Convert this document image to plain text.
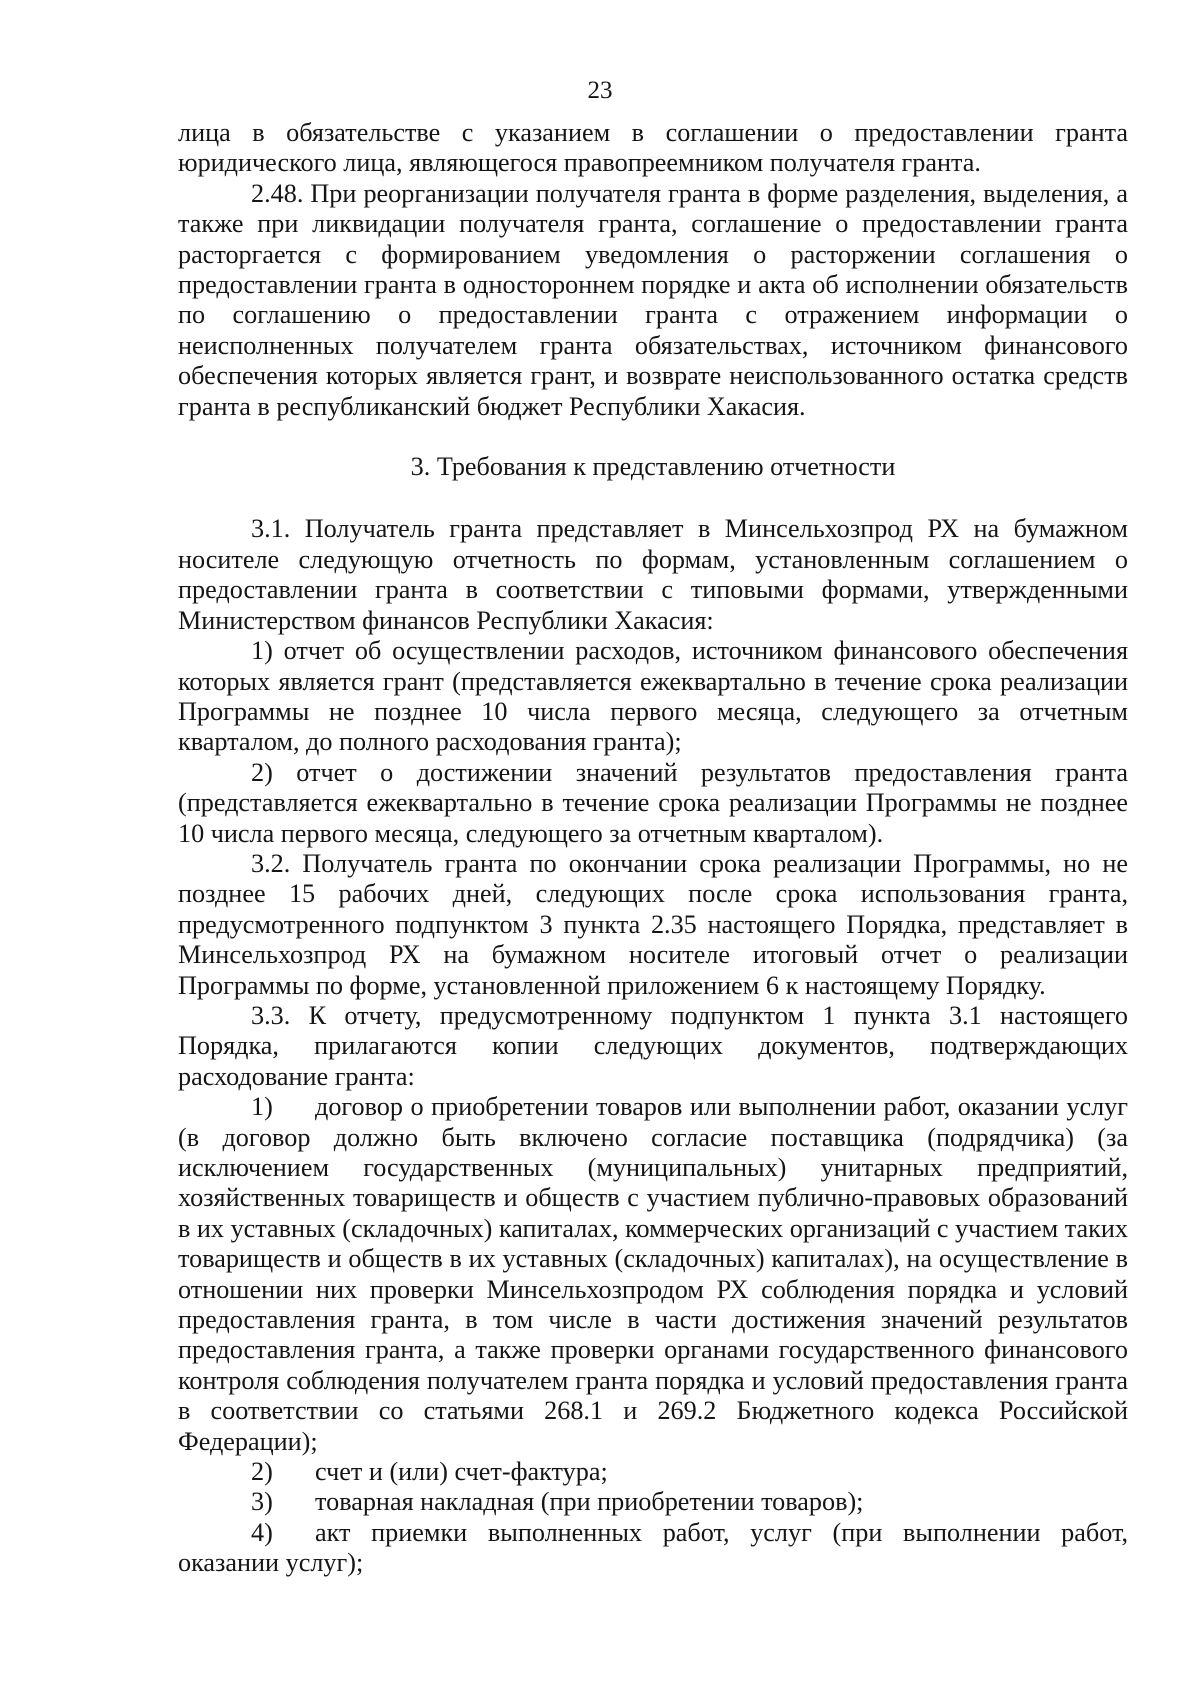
23

лица в обязательстве с указанием в соглашении о предоставлении гранта юридического лица, являющегося правопреемником получателя гранта.

2.48. При реорганизации получателя гранта в форме разделения, выделения, а также при ликвидации получателя гранта, соглашение о предоставлении гранта расторгается с формированием уведомления о расторжении соглашения о предоставлении гранта в одностороннем порядке и акта об исполнении обязательств по соглашению о предоставлении гранта с отражением информации о неисполненных получателем гранта обязательствах, источником финансового обеспечения которых является грант, и возврате неиспользованного остатка средств гранта в республиканский бюджет Республики Хакасия.

3. Требования к представлению отчетности

3.1. Получатель гранта представляет в Минсельхозпрод РХ на бумажном носителе следующую отчетность по формам, установленным соглашением о предоставлении гранта в соответствии с типовыми формами, утвержденными Министерством финансов Республики Хакасия:

1) отчет об осуществлении расходов, источником финансового обеспечения которых является грант (представляется ежеквартально в течение срока реализации Программы не позднее 10 числа первого месяца, следующего за отчетным кварталом, до полного расходования гранта);

2) отчет о достижении значений результатов предоставления гранта (представляется ежеквартально в течение срока реализации Программы не позднее 10 числа первого месяца, следующего за отчетным кварталом).

3.2. Получатель гранта по окончании срока реализации Программы, но не позднее 15 рабочих дней, следующих после срока использования гранта, предусмотренного подпунктом 3 пункта 2.35 настоящего Порядка, представляет в Минсельхозпрод РХ на бумажном носителе итоговый отчет о реализации Программы по форме, установленной приложением 6 к настоящему Порядку.

3.3. К отчету, предусмотренному подпунктом 1 пункта 3.1 настоящего Порядка, прилагаются копии следующих документов, подтверждающих расходование гранта:

1) договор о приобретении товаров или выполнении работ, оказании услуг (в договор должно быть включено согласие поставщика (подрядчика) (за исключением государственных (муниципальных) унитарных предприятий, хозяйственных товариществ и обществ с участием публично-правовых образований в их уставных (складочных) капиталах, коммерческих организаций с участием таких товариществ и обществ в их уставных (складочных) капиталах), на осуществление в отношении них проверки Минсельхозпродом РХ соблюдения порядка и условий предоставления гранта, в том числе в части достижения значений результатов предоставления гранта, а также проверки органами государственного финансового контроля соблюдения получателем гранта порядка и условий предоставления гранта в соответствии со статьями 268.1 и 269.2 Бюджетного кодекса Российской Федерации);

2) счет и (или) счет-фактура;

3) товарная накладная (при приобретении товаров);

4) акт приемки выполненных работ, услуг (при выполнении работ, оказании услуг);
